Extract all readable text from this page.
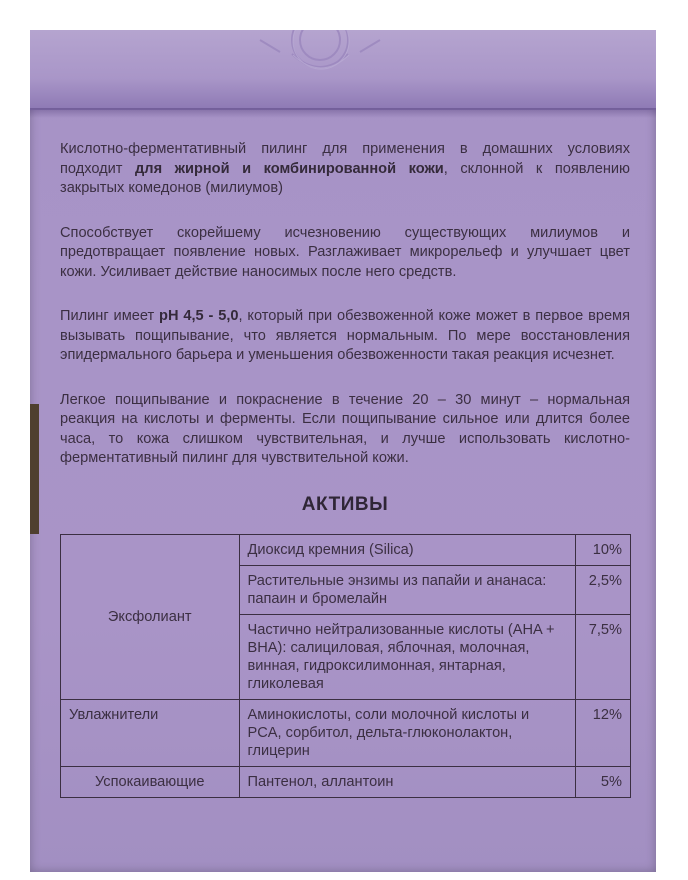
Кислотно-ферментативный пилинг для применения в домашних условиях подходит для жирной и комбинированной кожи, склонной к появлению закрытых комедонов (милиумов)

Способствует скорейшему исчезновению существующих милиумов и предотвращает появление новых. Разглаживает микрорельеф и улучшает цвет кожи. Усиливает действие наносимых после него средств.

Пилинг имеет pH 4,5 - 5,0, который при обезвоженной коже может в первое время вызывать пощипывание, что является нормальным. По мере восстановления эпидермального барьера и уменьшения обезвоженности такая реакция исчезнет.

Легкое пощипывание и покраснение в течение 20 – 30 минут – нормальная реакция на кислоты и ферменты. Если пощипывание сильное или длится более часа, то кожа слишком чувствительная, и лучше использовать кислотно-ферментативный пилинг для чувствительной кожи.

АКТИВЫ
Эксфолиант	Диоксид кремния (Silica)	10%
	Растительные энзимы из папайи и ананаса: папаин и бромелайн	2,5%
	Частично нейтрализованные кислоты (AHA + BHA): салициловая, яблочная, молочная, винная, гидроксилимонная, янтарная, гликолевая	7,5%
Увлажнители	Аминокислоты, соли молочной кислоты и PCA, сорбитол, дельта-глюконолактон, глицерин	12%
Успокаивающие	Пантенол, аллантоин	5%
